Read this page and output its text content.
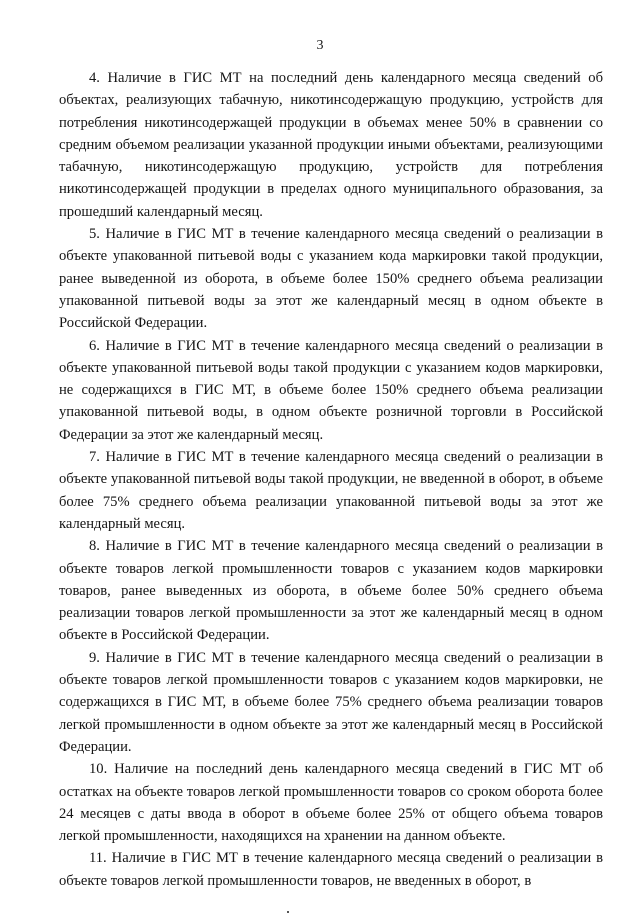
3

4. Наличие в ГИС МТ на последний день календарного месяца сведений об объектах, реализующих табачную, никотинсодержащую продукцию, устройств для потребления никотинсодержащей продукции в объемах менее 50% в сравнении со средним объемом реализации указанной продукции иными объектами, реализующими табачную, никотинсодержащую продукцию, устройств для потребления никотинсодержащей продукции в пределах одного муниципального образования, за прошедший календарный месяц.

5. Наличие в ГИС МТ в течение календарного месяца сведений о реализации в объекте упакованной питьевой воды с указанием кода маркировки такой продукции, ранее выведенной из оборота, в объеме более 150% среднего объема реализации упакованной питьевой воды за этот же календарный месяц в одном объекте в Российской Федерации.

6. Наличие в ГИС МТ в течение календарного месяца сведений о реализации в объекте упакованной питьевой воды такой продукции с указанием кодов маркировки, не содержащихся в ГИС МТ, в объеме более 150% среднего объема реализации упакованной питьевой воды, в одном объекте розничной торговли в Российской Федерации за этот же календарный месяц.

7. Наличие в ГИС МТ в течение календарного месяца сведений о реализации в объекте упакованной питьевой воды такой продукции, не введенной в оборот, в объеме более 75% среднего объема реализации упакованной питьевой воды за этот же календарный месяц.

8. Наличие в ГИС МТ в течение календарного месяца сведений о реализации в объекте товаров легкой промышленности товаров с указанием кодов маркировки товаров, ранее выведенных из оборота, в объеме более 50% среднего объема реализации товаров легкой промышленности за этот же календарный месяц в одном объекте в Российской Федерации.

9. Наличие в ГИС МТ в течение календарного месяца сведений о реализации в объекте товаров легкой промышленности товаров с указанием кодов маркировки, не содержащихся в ГИС МТ, в объеме более 75% среднего объема реализации товаров легкой промышленности в одном объекте за этот же календарный месяц в Российской Федерации.

10. Наличие на последний день календарного месяца сведений в ГИС МТ об остатках на объекте товаров легкой промышленности товаров со сроком оборота более 24 месяцев с даты ввода в оборот в объеме более 25% от общего объема товаров легкой промышленности, находящихся на хранении на данном объекте.

11. Наличие в ГИС МТ в течение календарного месяца сведений о реализации в объекте товаров легкой промышленности товаров, не введенных в оборот, в
